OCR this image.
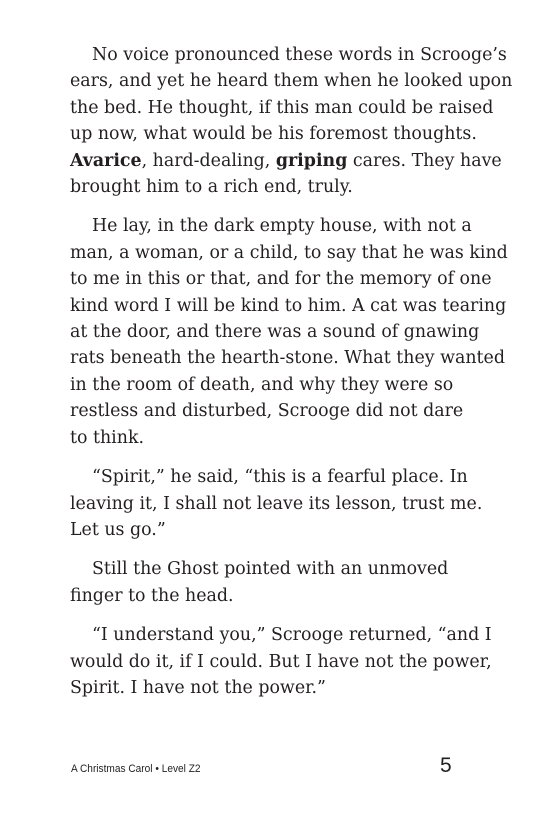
No voice pronounced these words in Scrooge’s
ears, and yet he heard them when he looked upon
the bed. He thought, if this man could be raised
up now, what would be his foremost thoughts.
Avarice, hard-dealing, griping cares. They have
brought him to a rich end, truly.

He lay, in the dark empty house, with not a
man, a woman, or a child, to say that he was kind
to me in this or that, and for the memory of one
kind word I will be kind to him. A cat was tearing
at the door, and there was a sound of gnawing
rats beneath the hearth-stone. What they wanted
in the room of death, and why they were so
restless and disturbed, Scrooge did not dare
to think.

“Spirit,” he said, “this is a fearful place. In
leaving it, I shall not leave its lesson, trust me.
Let us go.”

Still the Ghost pointed with an unmoved
finger to the head.

“I understand you,” Scrooge returned, “and I
would do it, if I could. But I have not the power,
Spirit. I have not the power.”

A Christmas Carol • Level Z2	5
